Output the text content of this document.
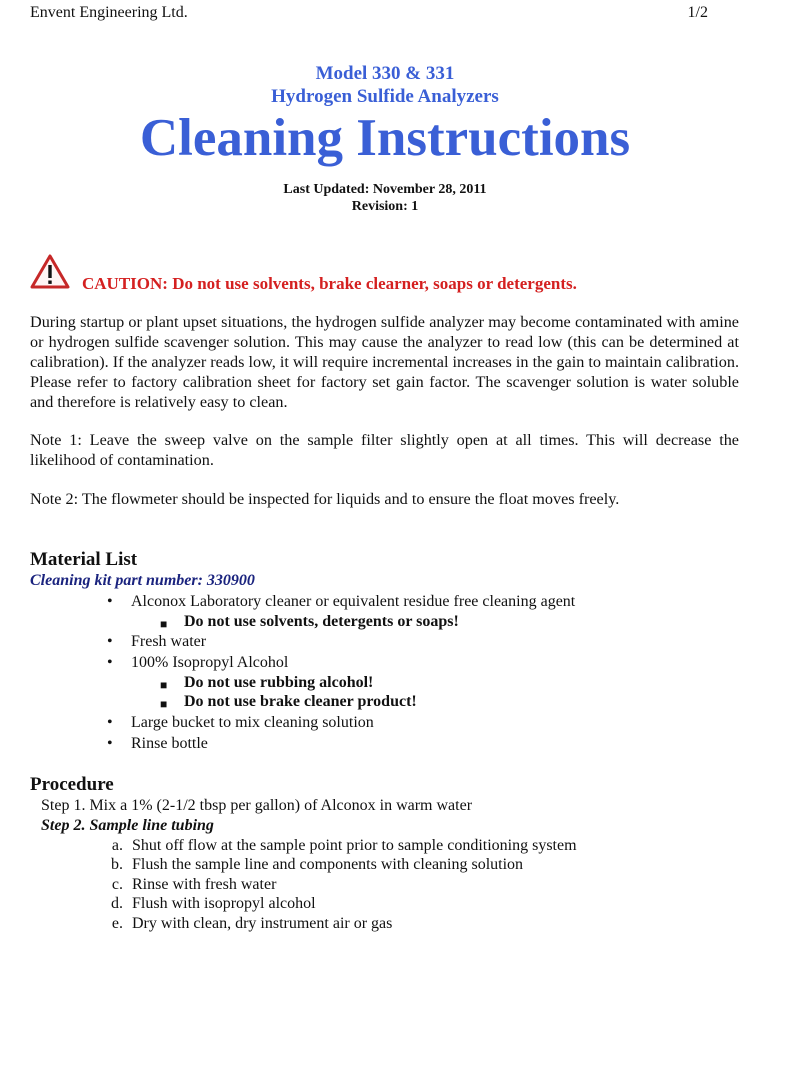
Envent Engineering Ltd.	1/2
Model 330 & 331
Hydrogen Sulfide Analyzers
Cleaning Instructions
Last Updated: November 28, 2011
Revision: 1
CAUTION: Do not use solvents, brake clearner, soaps or detergents.
During startup or plant upset situations, the hydrogen sulfide analyzer may become contaminated with amine or hydrogen sulfide scavenger solution. This may cause the analyzer to read low (this can be determined at calibration). If the analyzer reads low, it will require incremental increases in the gain to maintain calibration. Please refer to factory calibration sheet for factory set gain factor. The scavenger solution is water soluble and therefore is relatively easy to clean.
Note 1: Leave the sweep valve on the sample filter slightly open at all times. This will decrease the likelihood of contamination.
Note 2: The flowmeter should be inspected for liquids and to ensure the float moves freely.
Material List
Cleaning kit part number: 330900
• Alconox Laboratory cleaner or equivalent residue free cleaning agent
■ Do not use solvents, detergents or soaps!
• Fresh water
• 100% Isopropyl Alcohol
■ Do not use rubbing alcohol!
■ Do not use brake cleaner product!
• Large bucket to mix cleaning solution
• Rinse bottle
Procedure
Step 1. Mix a 1% (2-1/2 tbsp per gallon) of Alconox in warm water
Step 2. Sample line tubing
a. Shut off flow at the sample point prior to sample conditioning system
b. Flush the sample line and components with cleaning solution
c. Rinse with fresh water
d. Flush with isopropyl alcohol
e. Dry with clean, dry instrument air or gas
